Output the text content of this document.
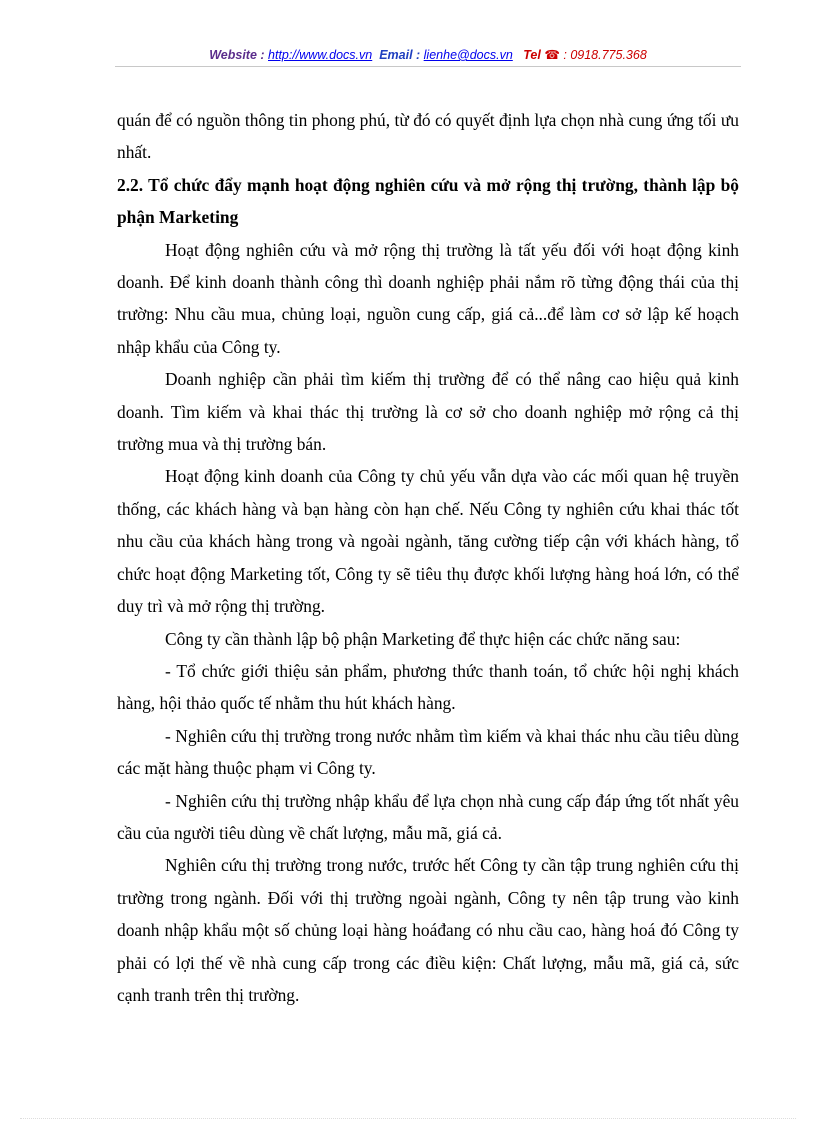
Website : http://www.docs.vn Email : lienhe@docs.vn Tel ☎ : 0918.775.368

quán để có nguồn thông tin phong phú, từ đó có quyết định lựa chọn nhà cung ứng tối ưu nhất.

2.2. Tổ chức đẩy mạnh hoạt động nghiên cứu và mở rộng thị trường, thành lập bộ phận Marketing

Hoạt động nghiên cứu và mở rộng thị trường là tất yếu đối với hoạt động kinh doanh. Để kinh doanh thành công thì doanh nghiệp phải nắm rõ từng động thái của thị trường: Nhu cầu mua, chủng loại, nguồn cung cấp, giá cả...để làm cơ sở lập kế hoạch nhập khẩu của Công ty.

Doanh nghiệp cần phải tìm kiếm thị trường để có thể nâng cao hiệu quả kinh doanh. Tìm kiếm và khai thác thị trường là cơ sở cho doanh nghiệp mở rộng cả thị trường mua và thị trường bán.

Hoạt động kinh doanh của Công ty chủ yếu vẫn dựa vào các mối quan hệ truyền thống, các khách hàng và bạn hàng còn hạn chế. Nếu Công ty nghiên cứu khai thác tốt nhu cầu của khách hàng trong và ngoài ngành, tăng cường tiếp cận với khách hàng, tổ chức hoạt động Marketing tốt, Công ty sẽ tiêu thụ được khối lượng hàng hoá lớn, có thể duy trì và mở rộng thị trường.

Công ty cần thành lập bộ phận Marketing để thực hiện các chức năng sau:

- Tổ chức giới thiệu sản phẩm, phương thức thanh toán, tổ chức hội nghị khách hàng, hội thảo quốc tế nhằm thu hút khách hàng.

- Nghiên cứu thị trường trong nước nhằm tìm kiếm và khai thác nhu cầu tiêu dùng các mặt hàng thuộc phạm vi Công ty.

- Nghiên cứu thị trường nhập khẩu để lựa chọn nhà cung cấp đáp ứng tốt nhất yêu cầu của người tiêu dùng về chất lượng, mẫu mã, giá cả.

Nghiên cứu thị trường trong nước, trước hết Công ty cần tập trung nghiên cứu thị trường trong ngành. Đối với thị trường ngoài ngành, Công ty nên tập trung vào kinh doanh nhập khẩu một số chủng loại hàng hoáđang có nhu cầu cao, hàng hoá đó Công ty phải có lợi thế về nhà cung cấp trong các điều kiện: Chất lượng, mẫu mã, giá cả, sức cạnh tranh trên thị trường.
